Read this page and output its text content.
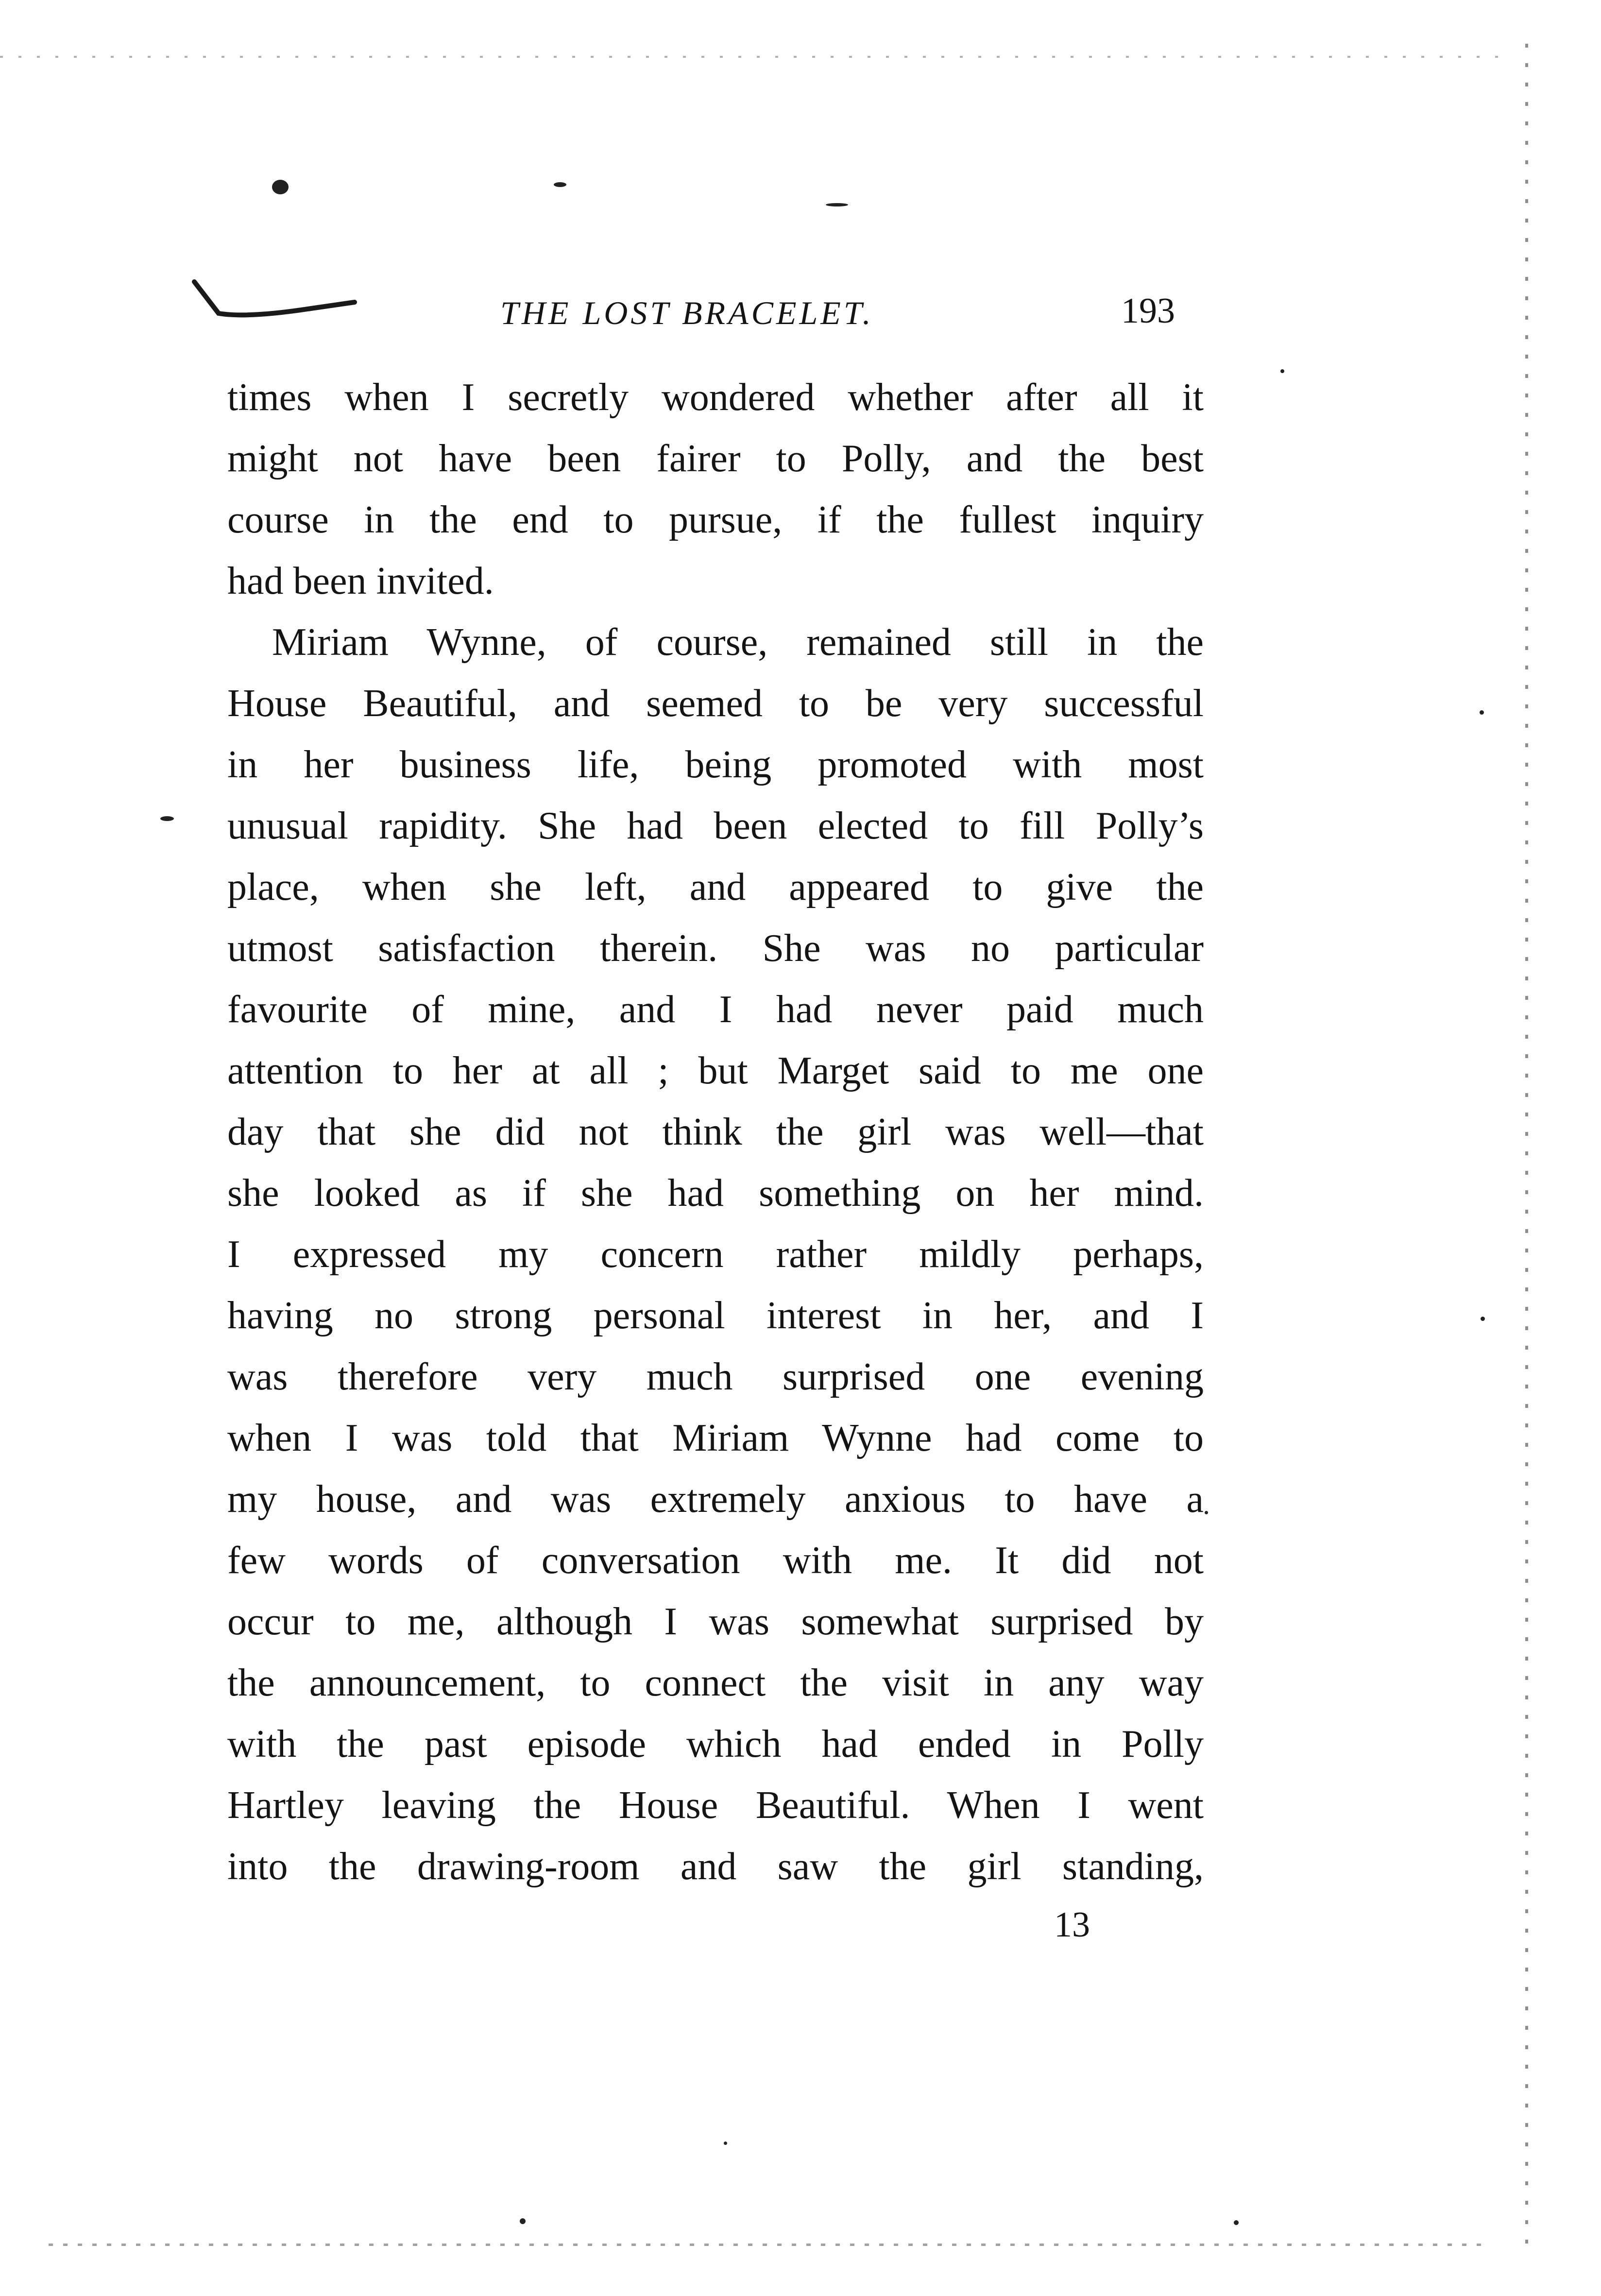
THE LOST BRACELET.	193
times when I secretly wondered whether after all it
might not have been fairer to Polly, and the best
course in the end to pursue, if the fullest inquiry
had been invited.
Miriam Wynne, of course, remained still in the
House Beautiful, and seemed to be very successful
in her business life, being promoted with most
unusual rapidity. She had been elected to fill Polly’s
place, when she left, and appeared to give the
utmost satisfaction therein. She was no particular
favourite of mine, and I had never paid much
attention to her at all ; but Marget said to me one
day that she did not think the girl was well—that
she looked as if she had something on her mind.
I expressed my concern rather mildly perhaps,
having no strong personal interest in her, and I
was therefore very much surprised one evening
when I was told that Miriam Wynne had come to
my house, and was extremely anxious to have a
few words of conversation with me. It did not
occur to me, although I was somewhat surprised by
the announcement, to connect the visit in any way
with the past episode which had ended in Polly
Hartley leaving the House Beautiful. When I went
into the drawing-room and saw the girl standing,
13
